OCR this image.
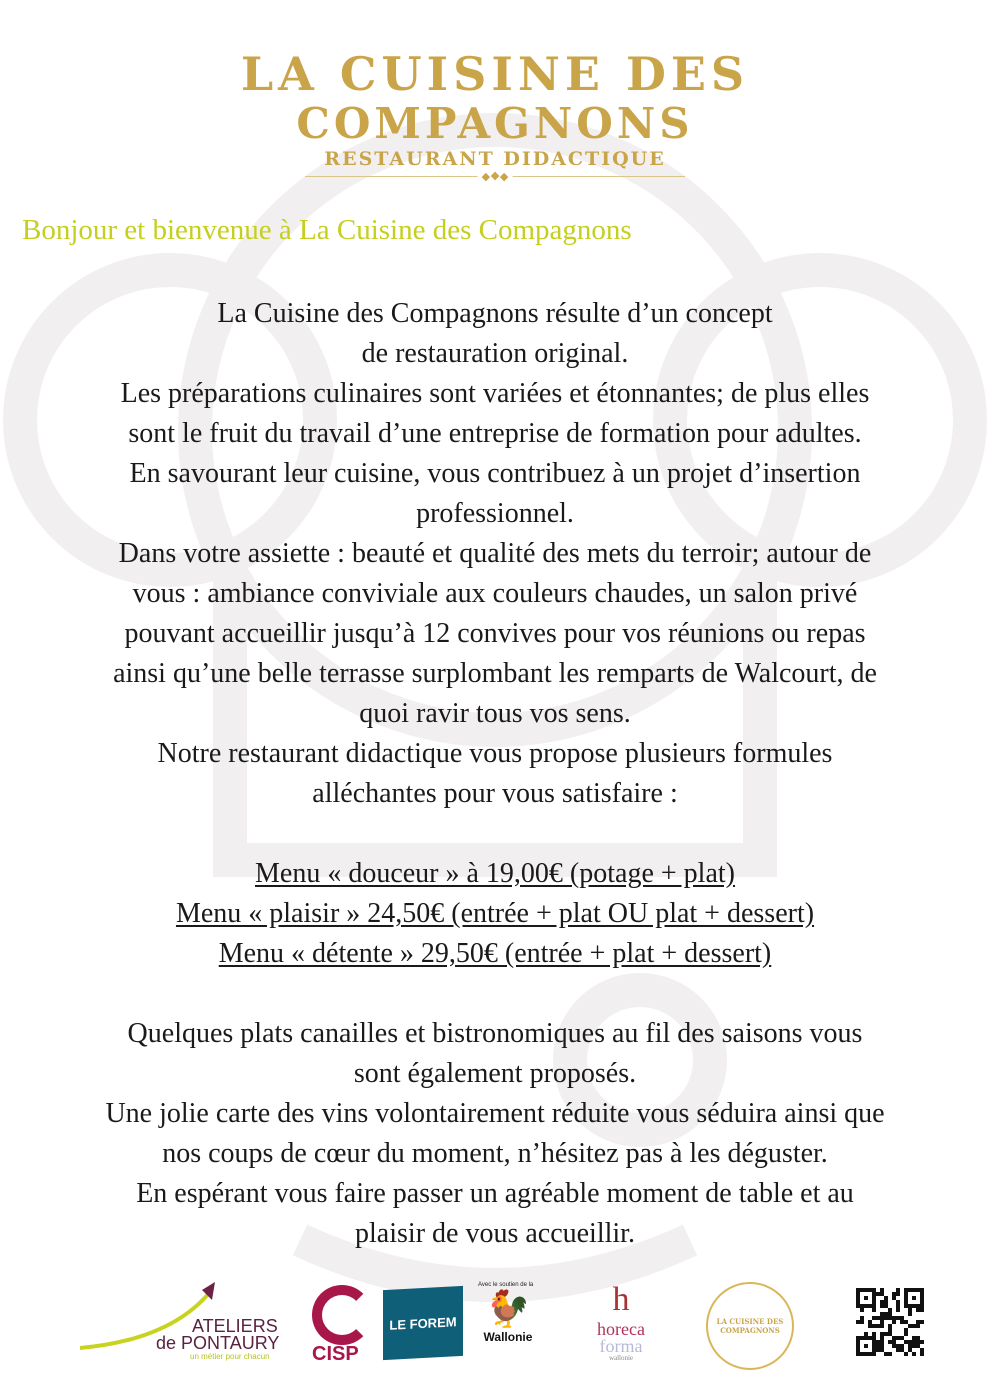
LA CUISINE DES
COMPAGNONS
RESTAURANT DIDACTIQUE
◆❖◆
Bonjour et bienvenue à La Cuisine des Compagnons
La Cuisine des Compagnons résulte d’un concept
de restauration original.
Les préparations culinaires sont variées et étonnantes; de plus elles
sont le fruit du travail d’une entreprise de formation pour adultes.
En savourant leur cuisine, vous contribuez à un projet d’insertion
professionnel.
Dans votre assiette : beauté et qualité des mets du terroir; autour de
vous : ambiance conviviale aux couleurs chaudes, un salon privé
pouvant accueillir jusqu’à 12 convives pour vos réunions ou repas
ainsi qu’une belle terrasse surplombant les remparts de Walcourt, de
quoi ravir tous vos sens.
Notre restaurant didactique vous propose plusieurs formules
alléchantes pour vous satisfaire :
Menu « douceur » à 19,00€ (potage + plat)
Menu « plaisir » 24,50€ (entrée + plat OU plat + dessert)
Menu « détente » 29,50€ (entrée + plat + dessert)
Quelques plats canailles et bistronomiques au fil des saisons vous
sont également proposés.
Une jolie carte des vins volontairement réduite vous séduira ainsi que
nos coups de cœur du moment, n’hésitez pas à les déguster.
En espérant vous faire passer un agréable moment de table et au
plaisir de vous accueillir.
ATELIERS
de PONTAURY
un métier pour chacun CISP
LE FOREM
Avec le soutien de la
🐓
Wallonie
h
horeca
forma
wallonie
LA CUISINE DES
COMPAGNONS
